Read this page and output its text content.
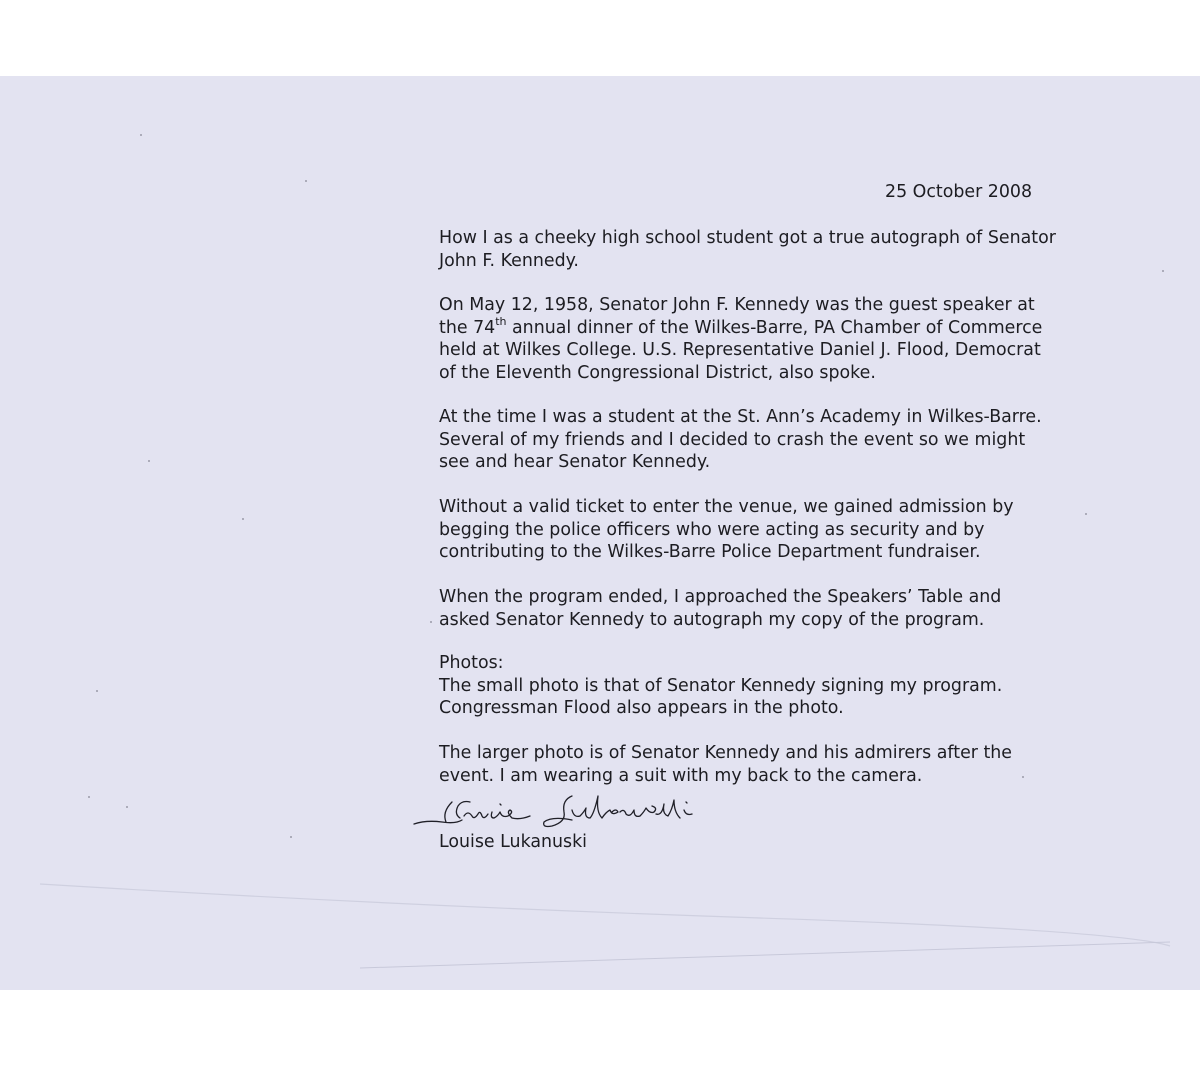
25 October 2008
How I as a cheeky high school student got a true autograph of Senator
John F. Kennedy.
On May 12, 1958, Senator John F. Kennedy was the guest speaker at
the 74th annual dinner of the Wilkes-Barre, PA Chamber of Commerce
held at Wilkes College. U.S. Representative Daniel J. Flood, Democrat
of the Eleventh Congressional District, also spoke.
At the time I was a student at the St. Ann’s Academy in Wilkes-Barre.
Several of my friends and I decided to crash the event so we might
see and hear Senator Kennedy.
Without a valid ticket to enter the venue, we gained admission by
begging the police officers who were acting as security and by
contributing to the Wilkes-Barre Police Department fundraiser.
When the program ended, I approached the Speakers’ Table and
asked Senator Kennedy to autograph my copy of the program.
Photos:
The small photo is that of Senator Kennedy signing my program.
Congressman Flood also appears in the photo.
The larger photo is of Senator Kennedy and his admirers after the
event. I am wearing a suit with my back to the camera.
Louise Lukanuski
